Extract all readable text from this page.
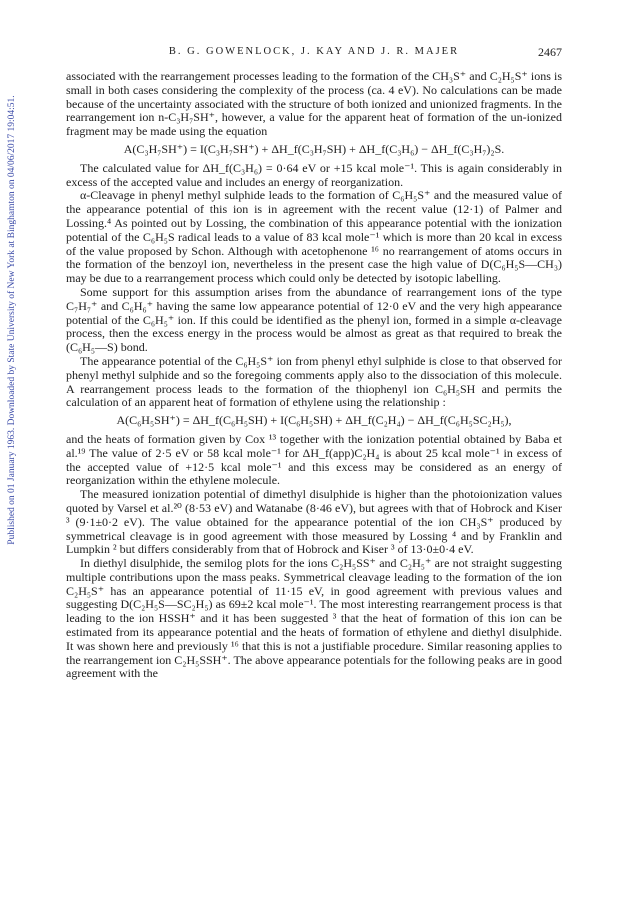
Published on 01 January 1963. Downloaded by State University of New York at Binghamton on 04/06/2017 19:04:51.
B. G. GOWENLOCK, J. KAY AND J. R. MAJER	2467

associated with the rearrangement processes leading to the formation of the CH₃S⁺ and C₂H₅S⁺ ions is small in both cases considering the complexity of the process (ca. 4 eV). No calculations can be made because of the uncertainty associated with the structure of both ionized and unionized fragments. In the rearrangement ion n-C₃H₇SH⁺, however, a value for the apparent heat of formation of the un-ionized fragment may be made using the equation

A(C₃H₇SH⁺) = I(C₃H₇SH⁺) + ΔH_f(C₃H₇SH) + ΔH_f(C₃H₆) − ΔH_f(C₃H₇)₂S.

The calculated value for ΔH_f(C₃H₆) = 0·64 eV or +15 kcal mole⁻¹. This is again considerably in excess of the accepted value and includes an energy of reorganization.

α-Cleavage in phenyl methyl sulphide leads to the formation of C₆H₅S⁺ and the measured value of the appearance potential of this ion is in agreement with the recent value (12·1) of Palmer and Lossing.⁴ As pointed out by Lossing, the combination of this appearance potential with the ionization potential of the C₆H₅S radical leads to a value of 83 kcal mole⁻¹ which is more than 20 kcal in excess of the value proposed by Schon. Although with acetophenone ¹⁶ no rearrangement of atoms occurs in the formation of the benzoyl ion, nevertheless in the present case the high value of D(C₆H₅S—CH₃) may be due to a rearrangement process which could only be detected by isotopic labelling.

Some support for this assumption arises from the abundance of rearrangement ions of the type C₇H₇⁺ and C₆H₆⁺ having the same low appearance potential of 12·0 eV and the very high appearance potential of the C₆H₅⁺ ion. If this could be identified as the phenyl ion, formed in a simple α-cleavage process, then the excess energy in the process would be almost as great as that required to break the (C₆H₅—S) bond.

The appearance potential of the C₆H₅S⁺ ion from phenyl ethyl sulphide is close to that observed for phenyl methyl sulphide and so the foregoing comments apply also to the dissociation of this molecule. A rearrangement process leads to the formation of the thiophenyl ion C₆H₅SH and permits the calculation of an apparent heat of formation of ethylene using the relationship :

A(C₆H₅SH⁺) = ΔH_f(C₆H₅SH) + I(C₆H₅SH) + ΔH_f(C₂H₄) − ΔH_f(C₆H₅SC₂H₅),

and the heats of formation given by Cox ¹³ together with the ionization potential obtained by Baba et al.¹⁹ The value of 2·5 eV or 58 kcal mole⁻¹ for ΔH_f(app)C₂H₄ is about 25 kcal mole⁻¹ in excess of the accepted value of +12·5 kcal mole⁻¹ and this excess may be considered as an energy of reorganization within the ethylene molecule.

The measured ionization potential of dimethyl disulphide is higher than the photoionization values quoted by Varsel et al.²⁰ (8·53 eV) and Watanabe (8·46 eV), but agrees with that of Hobrock and Kiser ³ (9·1±0·2 eV). The value obtained for the appearance potential of the ion CH₃S⁺ produced by symmetrical cleavage is in good agreement with those measured by Lossing ⁴ and by Franklin and Lumpkin ² but differs considerably from that of Hobrock and Kiser ³ of 13·0±0·4 eV.

In diethyl disulphide, the semilog plots for the ions C₂H₅SS⁺ and C₂H₅⁺ are not straight suggesting multiple contributions upon the mass peaks. Symmetrical cleavage leading to the formation of the ion C₂H₅S⁺ has an appearance potential of 11·15 eV, in good agreement with previous values and suggesting D(C₂H₅S—SC₂H₅) as 69±2 kcal mole⁻¹. The most interesting rearrangement process is that leading to the ion HSSH⁺ and it has been suggested ³ that the heat of formation of this ion can be estimated from its appearance potential and the heats of formation of ethylene and diethyl disulphide. It was shown here and previously ¹⁶ that this is not a justifiable procedure. Similar reasoning applies to the rearrangement ion C₂H₅SSH⁺. The above appearance potentials for the following peaks are in good agreement with the
